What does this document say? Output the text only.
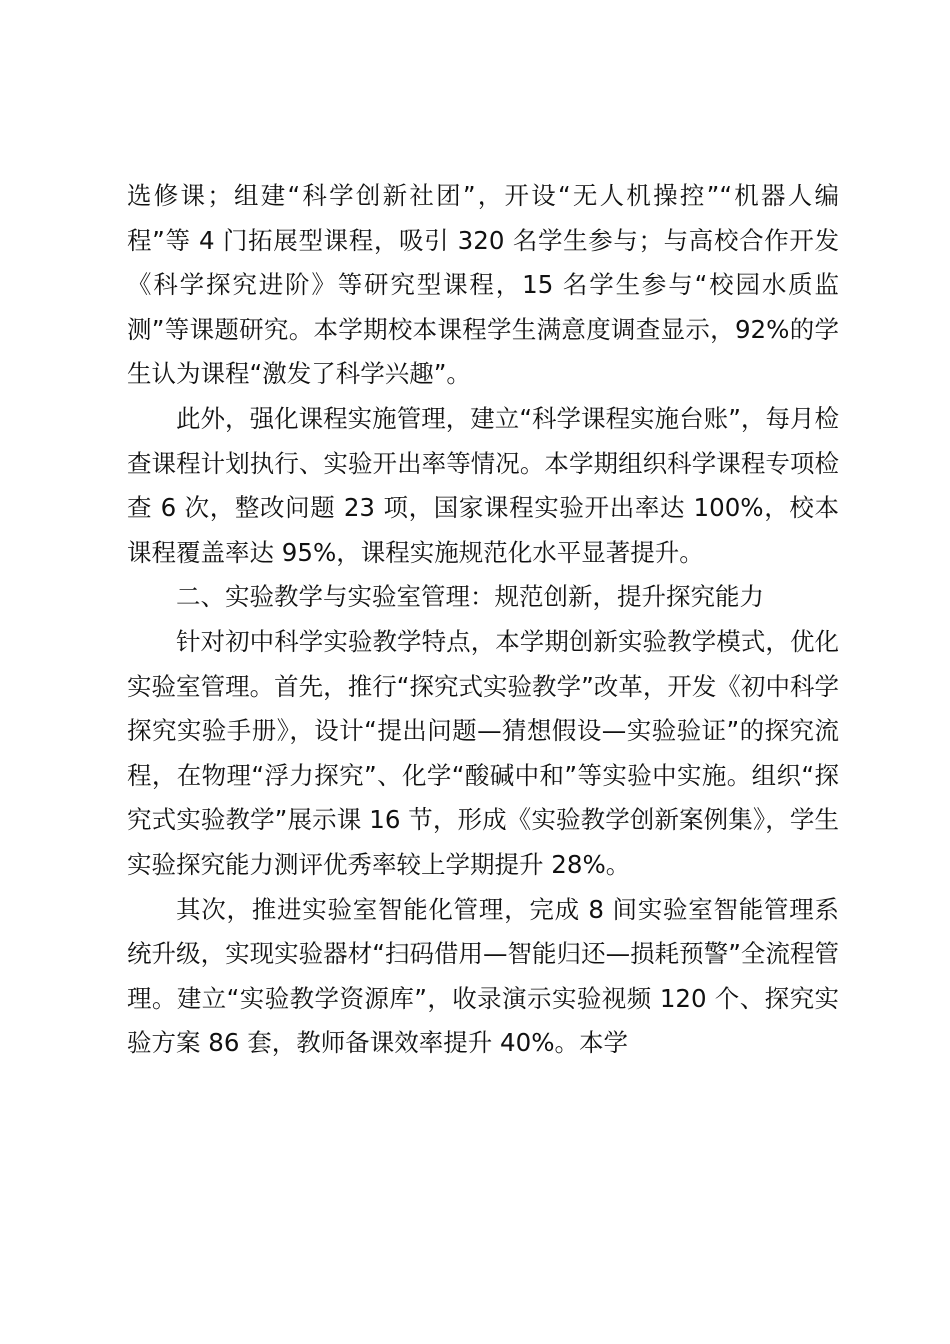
选修课；组建“科学创新社团”，开设“无人机操控”“机器人编程”等 4 门拓展型课程，吸引 320 名学生参与；与高校合作开发《科学探究进阶》等研究型课程，15 名学生参与“校园水质监测”等课题研究。本学期校本课程学生满意度调查显示，92%的学生认为课程“激发了科学兴趣”。

此外，强化课程实施管理，建立“科学课程实施台账”，每月检查课程计划执行、实验开出率等情况。本学期组织科学课程专项检查 6 次，整改问题 23 项，国家课程实验开出率达 100%，校本课程覆盖率达 95%，课程实施规范化水平显著提升。

二、实验教学与实验室管理：规范创新，提升探究能力

针对初中科学实验教学特点，本学期创新实验教学模式，优化实验室管理。首先，推行“探究式实验教学”改革，开发《初中科学探究实验手册》，设计“提出问题—猜想假设—实验验证”的探究流程，在物理“浮力探究”、化学“酸碱中和”等实验中实施。组织“探究式实验教学”展示课 16 节，形成《实验教学创新案例集》，学生实验探究能力测评优秀率较上学期提升 28%。

其次，推进实验室智能化管理，完成 8 间实验室智能管理系统升级，实现实验器材“扫码借用—智能归还—损耗预警”全流程管理。建立“实验教学资源库”，收录演示实验视频 120 个、探究实验方案 86 套，教师备课效率提升 40%。本学
